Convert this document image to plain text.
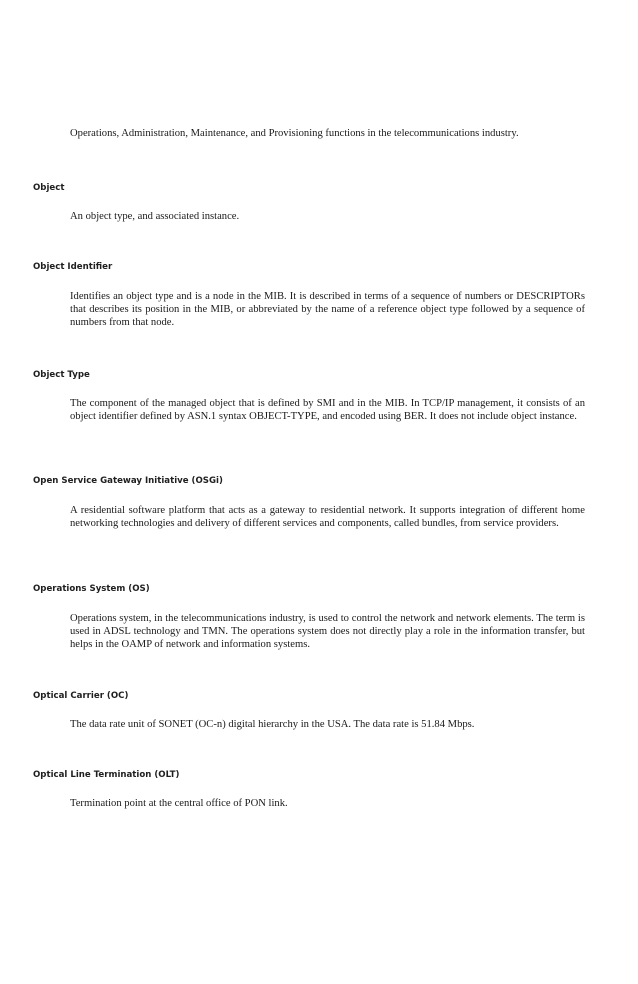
Operations, Administration, Maintenance, and Provisioning functions in the telecommunications industry.

Object

An object type, and associated instance.

Object Identifier

Identifies an object type and is a node in the MIB. It is described in terms of a sequence of numbers or DESCRIPTORs that describes its position in the MIB, or abbreviated by the name of a reference object type followed by a sequence of numbers from that node.

Object Type

The component of the managed object that is defined by SMI and in the MIB. In TCP/IP management, it consists of an object identifier defined by ASN.1 syntax OBJECT-TYPE, and encoded using BER. It does not include object instance.

Open Service Gateway Initiative (OSGi)

A residential software platform that acts as a gateway to residential network. It supports integration of different home networking technologies and delivery of different services and components, called bundles, from service providers.

Operations System (OS)

Operations system, in the telecommunications industry, is used to control the network and network elements. The term is used in ADSL technology and TMN. The operations system does not directly play a role in the information transfer, but helps in the OAMP of network and information systems.

Optical Carrier (OC)

The data rate unit of SONET (OC-n) digital hierarchy in the USA. The data rate is 51.84 Mbps.

Optical Line Termination (OLT)

Termination point at the central office of PON link.
